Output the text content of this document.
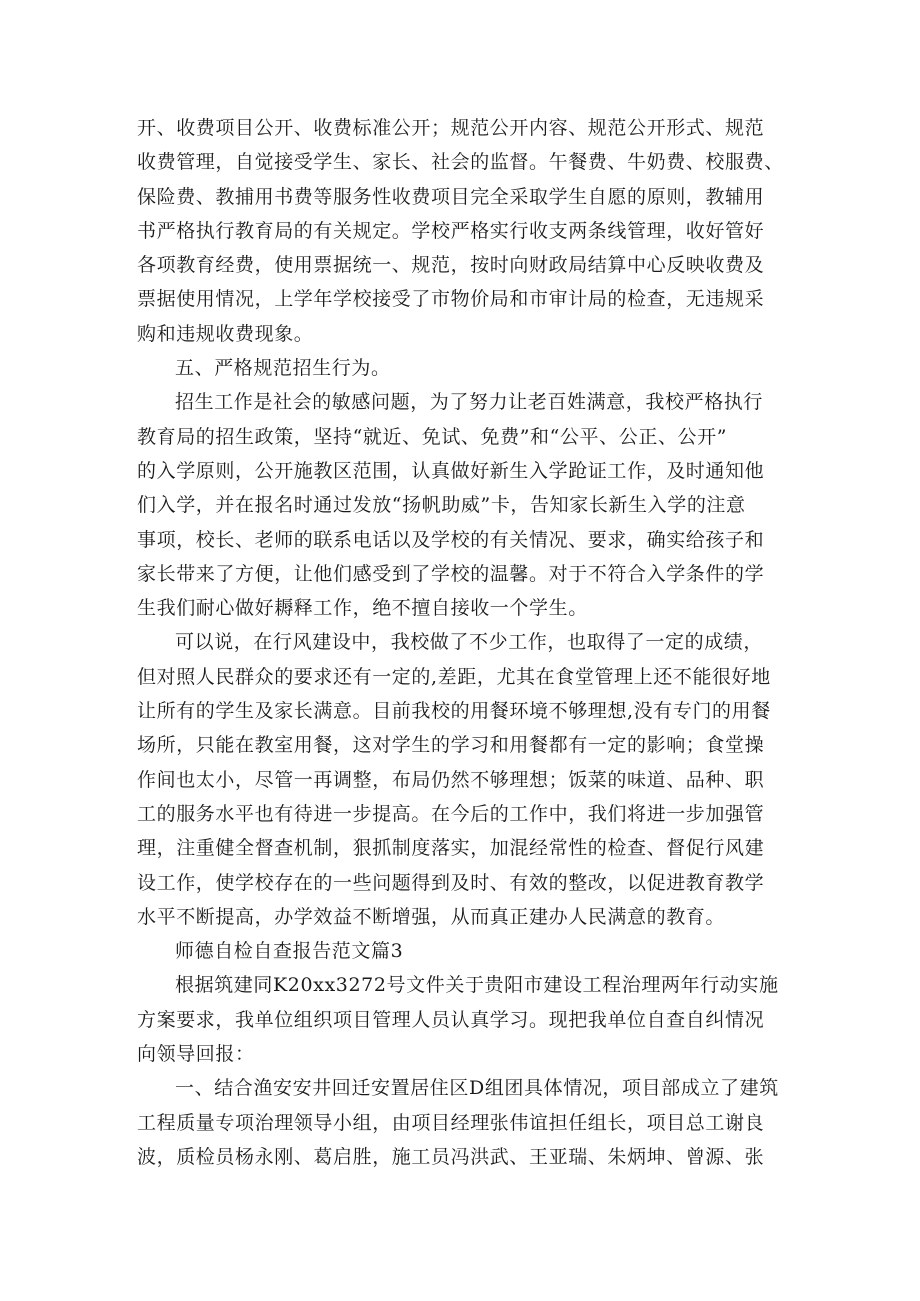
开、收费项目公开、收费标准公开；规范公开内容、规范公开形式、规范
收费管理，自觉接受学生、家长、社会的监督。午餐费、牛奶费、校服费、
保险费、教捕用书费等服务性收费项目完全采取学生自愿的原则，教辅用
书严格执行教育局的有关规定。学校严格实行收支两条线管理，收好管好
各项教育经费，使用票据统一、规范，按时向财政局结算中心反映收费及
票据使用情况，上学年学校接受了市物价局和市审计局的检查，无违规采
购和违规收费现象。

五、严格规范招生行为。

招生工作是社会的敏感问题，为了努力让老百姓满意，我校严格执行
教育局的招生政策，坚持“就近、免试、免费”和“公平、公正、公开”
的入学原则，公开施教区范围，认真做好新生入学跄证工作，及时通知他
们入学，并在报名时通过发放“扬帆助威”卡，告知家长新生入学的注意
事项，校长、老师的联系电话以及学校的有关情况、要求，确实给孩子和
家长带来了方便，让他们感受到了学校的温馨。对于不符合入学条件的学
生我们耐心做好耨释工作，绝不擅自接收一个学生。

可以说，在行风建设中，我校做了不少工作，也取得了一定的成绩，
但对照人民群众的要求还有一定的,差距，尤其在食堂管理上还不能很好地
让所有的学生及家长满意。目前我校的用餐环境不够理想,没有专门的用餐
场所，只能在教室用餐，这对学生的学习和用餐都有一定的影响；食堂操
作间也太小，尽管一再调整，布局仍然不够理想；饭菜的味道、品种、职
工的服务水平也有待进一步提高。在今后的工作中，我们将进一步加强管
理，注重健全督查机制，狠抓制度落实，加混经常性的检查、督促行风建
设工作，使学校存在的一些问题得到及时、有效的整改，以促进教育教学
水平不断提高，办学效益不断增强，从而真正建办人民满意的教育。

师德自检自查报告范文篇3

根据筑建同K20xx3272号文件关于贵阳市建设工程治理两年行动实施
方案要求，我单位组织项目管理人员认真学习。现把我单位自查自纠情况
向领导回报：

一、结合渔安安井回迁安置居住区D组团具体情况，项目部成立了建筑
工程质量专项治理领导小组，由项目经理张伟谊担任组长，项目总工谢良
波，质检员杨永刚、葛启胜，施工员冯洪武、王亚瑞、朱炳坤、曾源、张
